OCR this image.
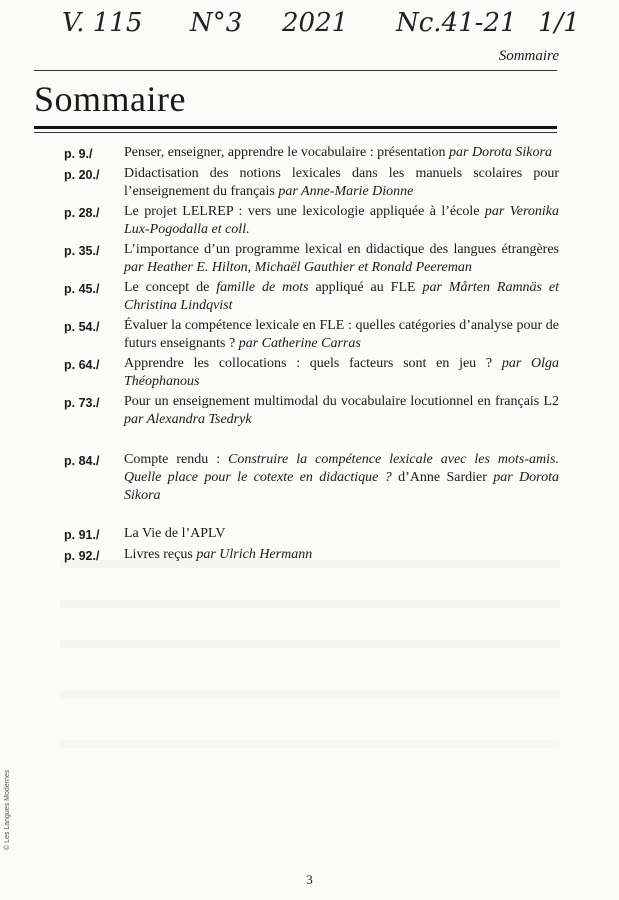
V. 115 N°3 2021 Nc.41-21 1/1
Sommaire
Sommaire
p. 9./	Penser, enseigner, apprendre le vocabulaire : présentation par Dorota Sikora
p. 20./	Didactisation des notions lexicales dans les manuels scolaires pour l’enseignement du français par Anne-Marie Dionne
p. 28./	Le projet LELREP : vers une lexicologie appliquée à l’école par Veronika Lux-Pogodalla et coll.
p. 35./	L’importance d’un programme lexical en didactique des langues étrangères par Heather E. Hilton, Michaël Gauthier et Ronald Peereman
p. 45./	Le concept de famille de mots appliqué au FLE par Mårten Ramnäs et Christina Lindqvist
p. 54./	Évaluer la compétence lexicale en FLE : quelles catégories d’analyse pour de futurs enseignants ? par Catherine Carras
p. 64./	Apprendre les collocations : quels facteurs sont en jeu ? par Olga Théophanous
p. 73./	Pour un enseignement multimodal du vocabulaire locutionnel en français L2 par Alexandra Tsedryk
p. 84./	Compte rendu : Construire la compétence lexicale avec les mots-amis. Quelle place pour le cotexte en didactique ? d’Anne Sardier par Dorota Sikora
p. 91./	La Vie de l’APLV
p. 92./	Livres reçus par Ulrich Hermann
© Les Langues Modernes
3
